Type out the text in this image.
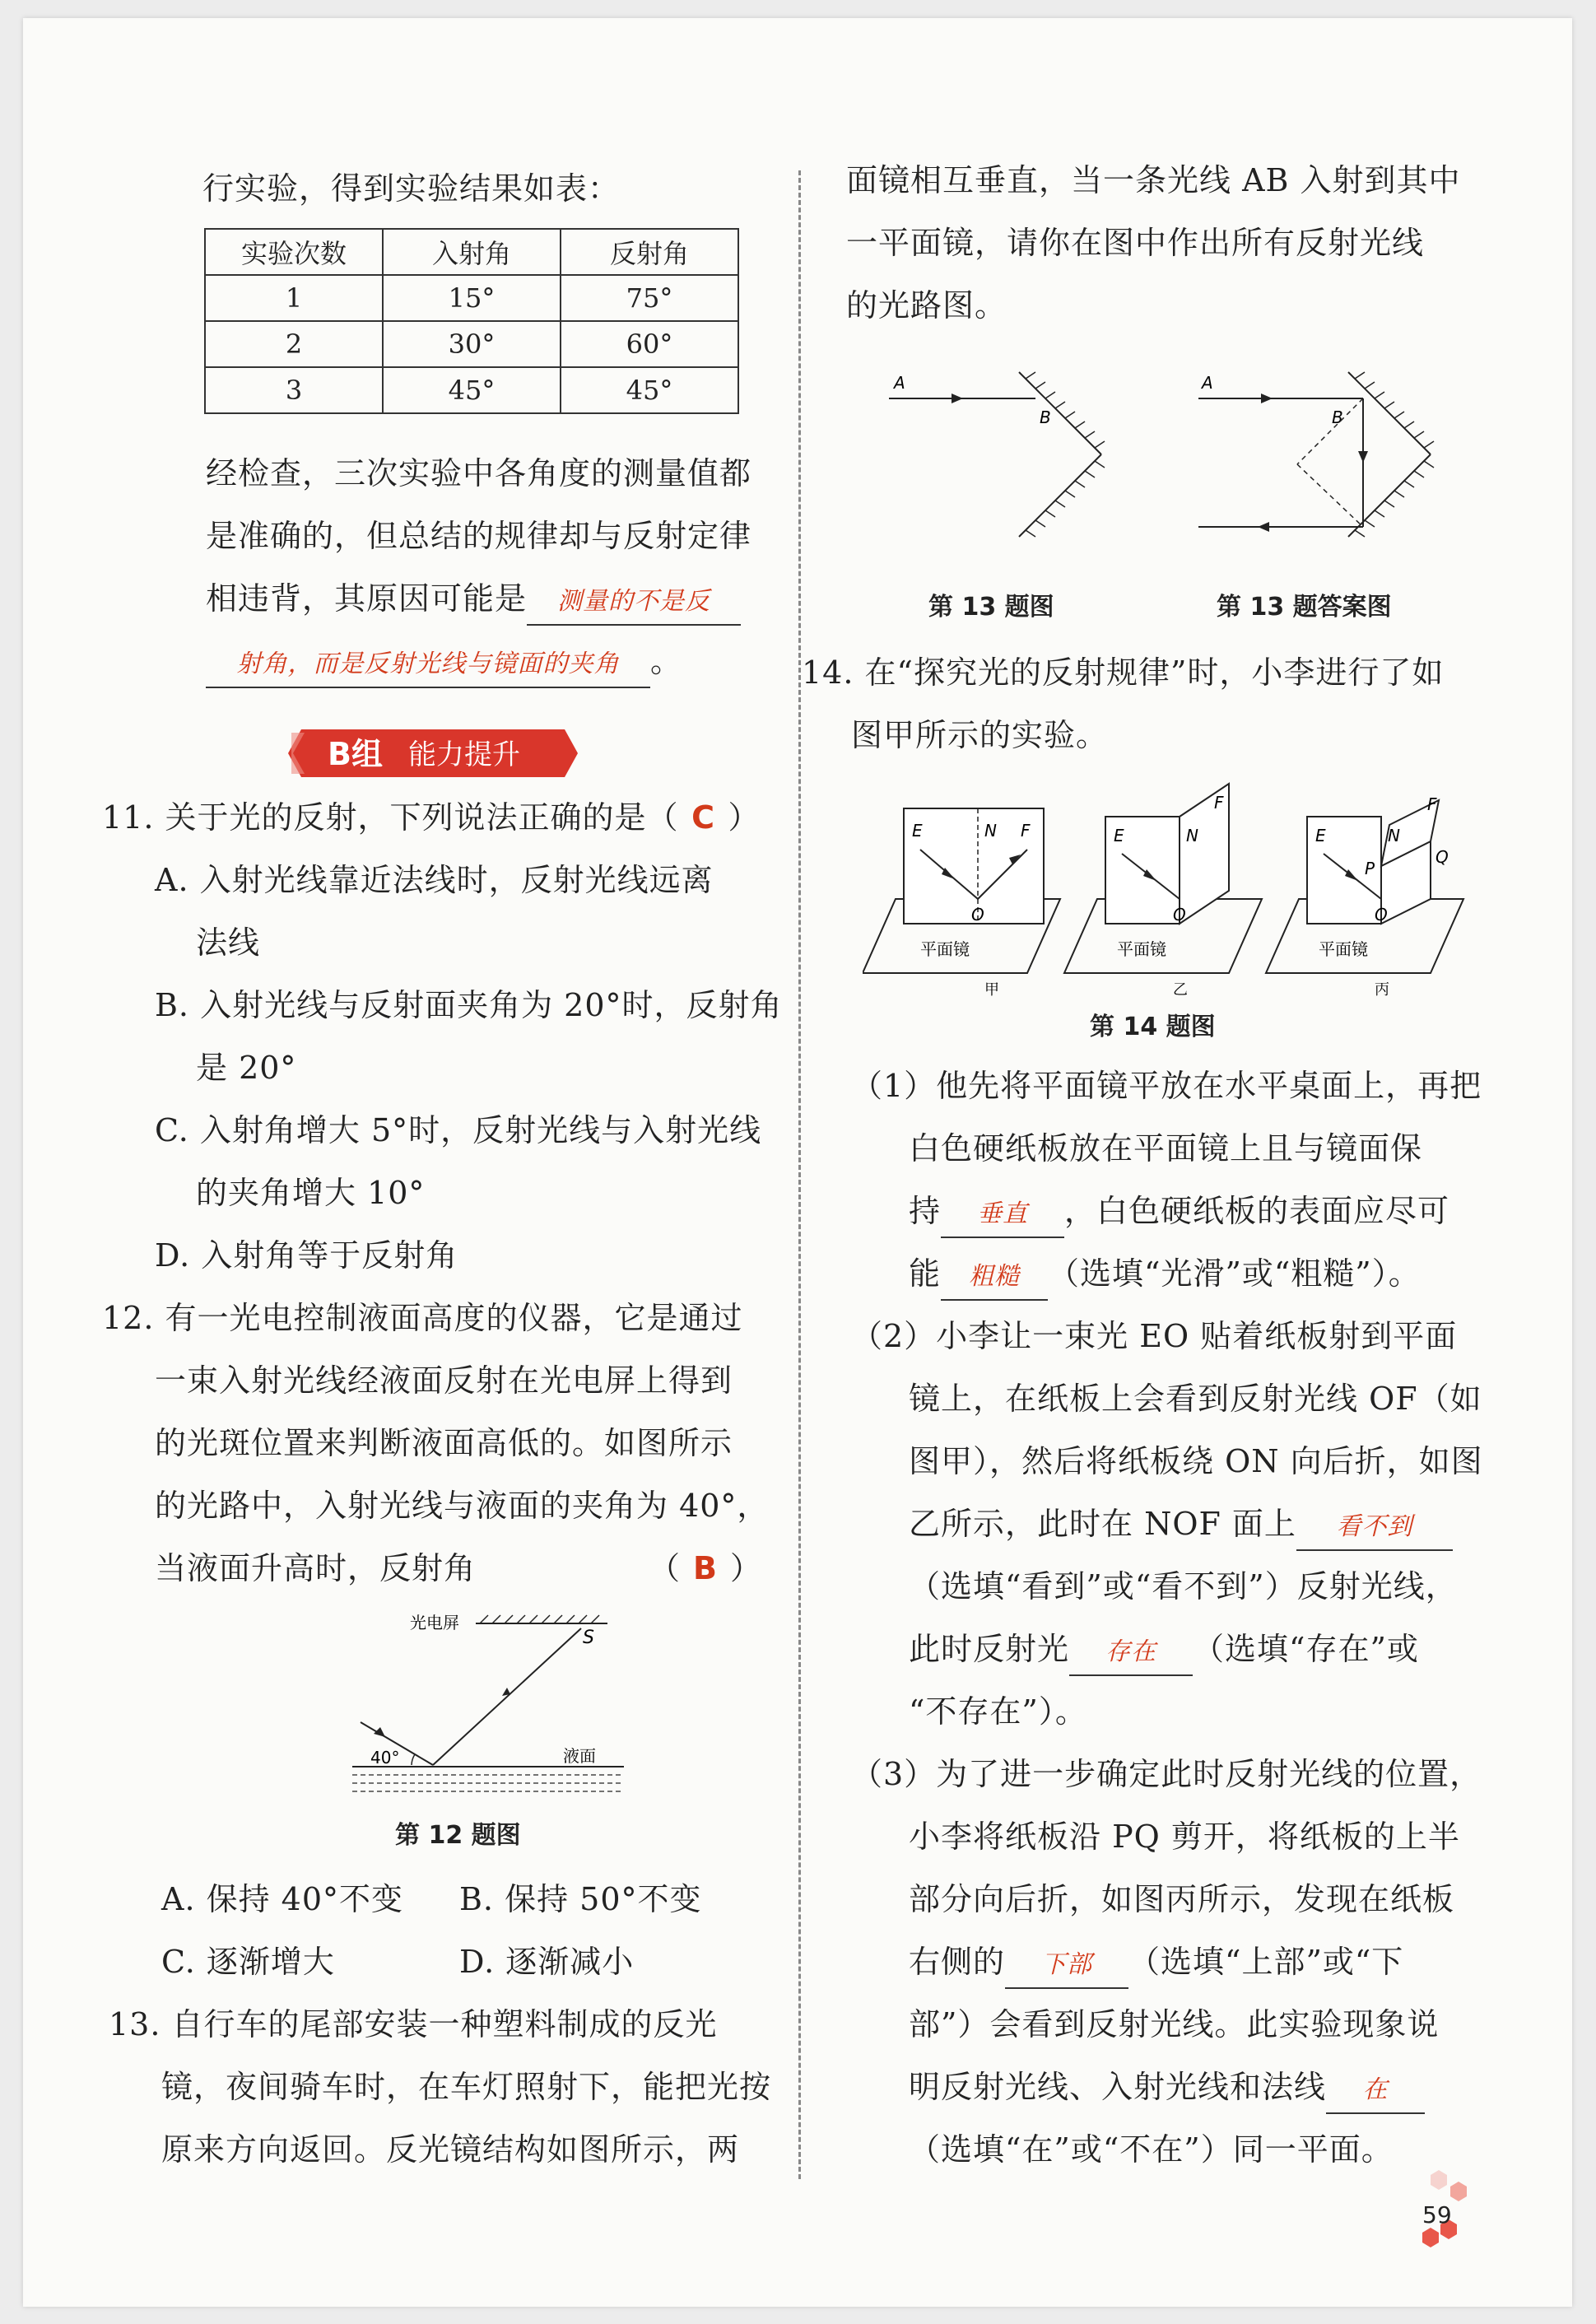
行实验，得到实验结果如表：
实验次数	入射角	反射角
1	15°	75°
2	30°	60°
3	45°	45°
经检查，三次实验中各角度的测量值都
是准确的，但总结的规律却与反射定律
相违背，其原因可能是 测量的不是反
射角，而是反射光线与镜面的夹角 。
B组 能力提升
11. 关于光的反射，下列说法正确的是（ C ）
A. 入射光线靠近法线时，反射光线远离
法线
B. 入射光线与反射面夹角为 20°时，反射角
是 20°
C. 入射角增大 5°时，反射光线与入射光线
的夹角增大 10°
D. 入射角等于反射角
12. 有一光电控制液面高度的仪器，它是通过
一束入射光线经液面反射在光电屏上得到
的光斑位置来判断液面高低的。如图所示
的光路中，入射光线与液面的夹角为 40°，
当液面升高时，反射角	（ B ）
光电屏
S
40°	液面
第 12 题图
A. 保持 40°不变 B. 保持 50°不变
C. 逐渐增大	D. 逐渐减小
13. 自行车的尾部安装一种塑料制成的反光
镜，夜间骑车时，在车灯照射下，能把光按
原来方向返回。反光镜结构如图所示，两
面镜相互垂直，当一条光线 AB 入射到其中
一平面镜，请你在图中作出所有反射光线
的光路图。
A
B
A
B
第 13 题图	第 13 题答案图
14. 在“探究光的反射规律”时，小李进行了如
图甲所示的实验。
E	N F
O
平面镜
甲
E	N
F
O
平面镜
乙
E	N
F
P
Q
O
平面镜
丙
第 14 题图
（1）他先将平面镜平放在水平桌面上，再把
白色硬纸板放在平面镜上且与镜面保
持 垂直 ，白色硬纸板的表面应尽可
能 粗糙 （选填“光滑”或“粗糙”）。
（2）小李让一束光 EO 贴着纸板射到平面
镜上，在纸板上会看到反射光线 OF（如
图甲），然后将纸板绕 ON 向后折，如图
乙所示，此时在 NOF 面上 看不到
（选填“看到”或“看不到”）反射光线，
此时反射光 存在 （选填“存在”或
“不存在”）。
（3）为了进一步确定此时反射光线的位置，
小李将纸板沿 PQ 剪开，将纸板的上半
部分向后折，如图丙所示，发现在纸板
右侧的 下部 （选填“上部”或“下
部”）会看到反射光线。此实验现象说
明反射光线、入射光线和法线 在
（选填“在”或“不在”）同一平面。
59
